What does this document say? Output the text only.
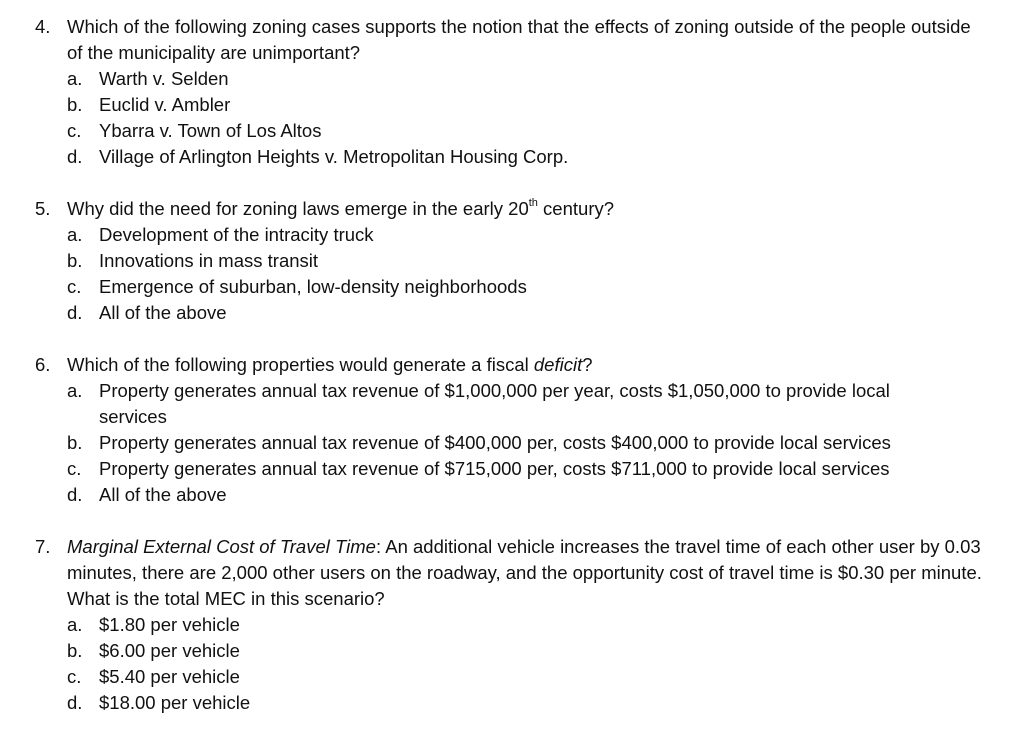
4. Which of the following zoning cases supports the notion that the effects of zoning outside of the people outside of the municipality are unimportant?
a. Warth v. Selden
b. Euclid v. Ambler
c. Ybarra v. Town of Los Altos
d. Village of Arlington Heights v. Metropolitan Housing Corp.
5. Why did the need for zoning laws emerge in the early 20th century?
a. Development of the intracity truck
b. Innovations in mass transit
c. Emergence of suburban, low-density neighborhoods
d. All of the above
6. Which of the following properties would generate a fiscal deficit?
a. Property generates annual tax revenue of $1,000,000 per year, costs $1,050,000 to provide local services
b. Property generates annual tax revenue of $400,000 per, costs $400,000 to provide local services
c. Property generates annual tax revenue of $715,000 per, costs $711,000 to provide local services
d. All of the above
7. Marginal External Cost of Travel Time: An additional vehicle increases the travel time of each other user by 0.03 minutes, there are 2,000 other users on the roadway, and the opportunity cost of travel time is $0.30 per minute. What is the total MEC in this scenario?
a. $1.80 per vehicle
b. $6.00 per vehicle
c. $5.40 per vehicle
d. $18.00 per vehicle
